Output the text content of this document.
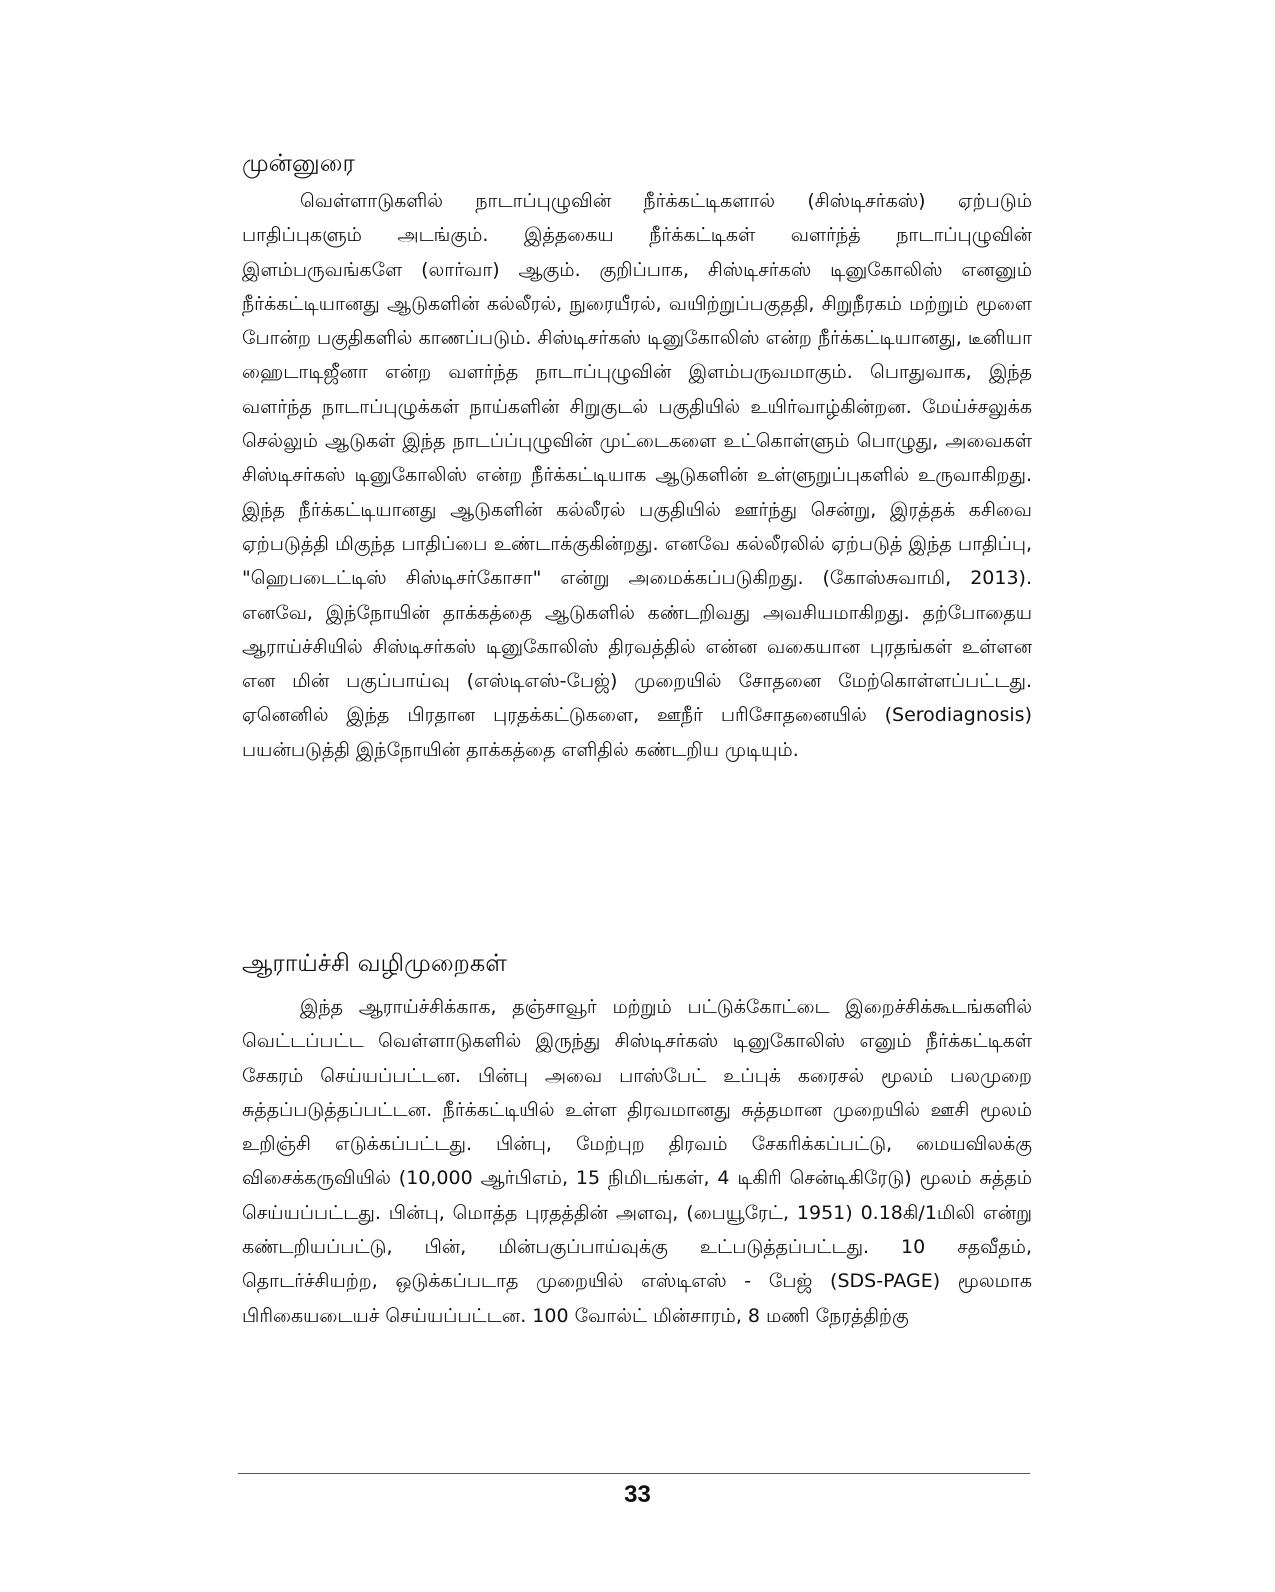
முன்னுரை

வெள்ளாடுகளில் நாடாப்புழுவின் நீர்க்கட்டிகளால் (சிஸ்டிசர்கஸ்) ஏற்படும் பாதிப்புகளும் அடங்கும். இத்தகைய நீர்க்கட்டிகள் வளர்ந்த் நாடாப்புழுவின் இளம்பருவங்களே (லார்வா) ஆகும். குறிப்பாக, சிஸ்டிசர்கஸ் டினுகோலிஸ் எனனும் நீர்க்கட்டியானது ஆடுகளின் கல்லீரல், நுரையீரல், வயிற்றுப்பகுததி, சிறுநீரகம் மற்றும் மூளை போன்ற பகுதிகளில் காணப்படும். சிஸ்டிசர்கஸ் டினுகோலிஸ் என்ற நீர்க்கட்டியானது, டீனியா ஹைடாடிஜீனா என்ற வளர்ந்த நாடாப்புழுவின் இளம்பருவமாகும். பொதுவாக, இந்த வளர்ந்த நாடாப்புழுக்கள் நாய்களின் சிறுகுடல் பகுதியில் உயிர்வாழ்கின்றன. மேய்ச்சலுக்க செல்லும் ஆடுகள் இந்த நாடப்ப்புழுவின் முட்டைகளை உட்கொள்ளும் பொழுது, அவைகள் சிஸ்டிசர்கஸ் டினுகோலிஸ் என்ற நீர்க்கட்டியாக ஆடுகளின் உள்ளுறுப்புகளில் உருவாகிறது. இந்த நீர்க்கட்டியானது ஆடுகளின் கல்லீரல் பகுதியில் ஊர்ந்து சென்று, இரத்தக் கசிவை ஏற்படுத்தி மிகுந்த பாதிப்பை உண்டாக்குகின்றது. எனவே கல்லீரலில் ஏற்படுத் இந்த பாதிப்பு, "ஹெபடைட்டிஸ் சிஸ்டிசர்கோசா" என்று அமைக்கப்படுகிறது. (கோஸ்சுவாமி, 2013). எனவே, இந்நோயின் தாக்கத்தை ஆடுகளில் கண்டறிவது அவசியமாகிறது. தற்போதைய ஆராய்ச்சியில் சிஸ்டிசர்கஸ் டினுகோலிஸ் திரவத்தில் என்ன வகையான புரதங்கள் உள்ளன என மின் பகுப்பாய்வு (எஸ்டிஎஸ்-பேஜ்) முறையில் சோதனை மேற்கொள்ளப்பட்டது. ஏனெனில் இந்த பிரதான புரதக்கட்டுகளை, ஊநீர் பரிசோதனையில் (Serodiagnosis) பயன்படுத்தி இந்நோயின் தாக்கத்தை எளிதில் கண்டறிய முடியும்.

ஆராய்ச்சி வழிமுறைகள்

இந்த ஆராய்ச்சிக்காக, தஞ்சாவூர் மற்றும் பட்டுக்கோட்டை இறைச்சிக்கூடங்களில் வெட்டப்பட்ட வெள்ளாடுகளில் இருந்து சிஸ்டிசர்கஸ் டினுகோலிஸ் எனும் நீர்க்கட்டிகள் சேகரம் செய்யப்பட்டன. பின்பு அவை பாஸ்பேட் உப்புக் கரைசல் மூலம் பலமுறை சுத்தப்படுத்தப்பட்டன. நீர்க்கட்டியில் உள்ள திரவமானது சுத்தமான முறையில் ஊசி மூலம் உறிஞ்சி எடுக்கப்பட்டது. பின்பு, மேற்புற திரவம் சேகரிக்கப்பட்டு, மையவிலக்கு விசைக்கருவியில் (10,000 ஆர்பிஎம், 15 நிமிடங்கள், 4 டிகிரி சென்டிகிரேடு) மூலம் சுத்தம் செய்யப்பட்டது. பின்பு, மொத்த புரதத்தின் அளவு, (பையூரேட், 1951) 0.18கி/1மிலி என்று கண்டறியப்பட்டு, பின், மின்பகுப்பாய்வுக்கு உட்படுத்தப்பட்டது. 10 சதவீதம், தொடர்ச்சியற்ற, ஒடுக்கப்படாத முறையில் எஸ்டிஎஸ் - பேஜ் (SDS-PAGE) மூலமாக பிரிகையடையச் செய்யப்பட்டன. 100 வோல்ட் மின்சாரம், 8 மணி நேரத்திற்கு

33
